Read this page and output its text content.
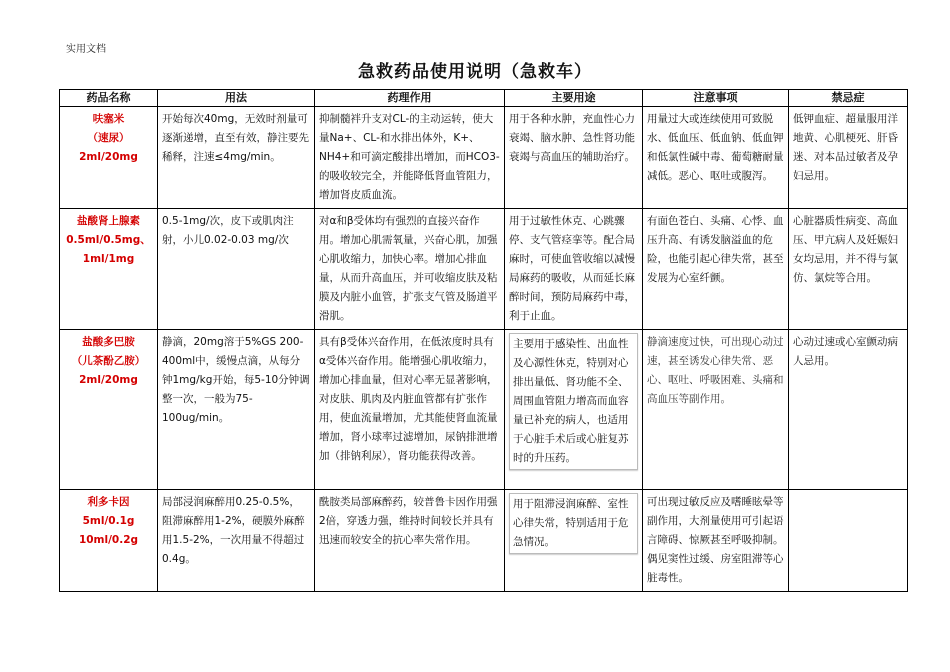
实用文档
急救药品使用说明（急救车）
药品名称	用法	药理作用	主要用途	注意事项	禁忌症

呋塞米
（速尿）
2ml/20mg	开始每次40mg，无效时剂量可逐渐递增，直至有效，静注要先稀释，注速≤4mg/min。	抑制髓袢升支对CL-的主动运转，使大量Na+、CL-和水排出体外，K+、NH4+和可滴定酸排出增加，而HCO3-的吸收较完全，并能降低肾血管阻力，增加肾皮质血流。	用于各种水肿，充血性心力衰竭、脑水肿、急性肾功能衰竭与高血压的辅助治疗。	用量过大或连续使用可致脱水、低血压、低血钠、低血钾和低氯性碱中毒、葡萄糖耐量减低。恶心、呕吐或腹泻。	低钾血症、超量服用洋地黄、心肌梗死、肝昏迷、对本品过敏者及孕妇忌用。

盐酸肾上腺素
0.5ml/0.5mg、
1ml/1mg	0.5-1mg/次，皮下或肌肉注射，小儿0.02-0.03 mg/次	对α和β受体均有强烈的直接兴奋作用。增加心肌需氧量，兴奋心肌，加强心肌收缩力，加快心率。增加心排血量，从而升高血压，并可收缩皮肤及粘膜及内脏小血管，扩张支气管及肠道平滑肌。	用于过敏性休克、心跳骤停、支气管痉挛等。配合局麻时，可使血管收缩以减慢局麻药的吸收，从而延长麻醉时间，预防局麻药中毒，利于止血。	有面色苍白、头痛、心悸、血压升高、有诱发脑溢血的危险，也能引起心律失常，甚至发展为心室纤颤。	心脏器质性病变、高血压、甲亢病人及妊娠妇女均忌用，并不得与氯仿、氯烷等合用。

盐酸多巴胺
（儿茶酚乙胺）
2ml/20mg	静滴，20mg溶于5%GS 200-400ml中，缓慢点滴，从每分钟1mg/kg开始，每5-10分钟调整一次，一般为75-100ug/min。	具有β受体兴奋作用，在低浓度时具有α受体兴奋作用。能增强心肌收缩力，增加心排血量，但对心率无显著影响，对皮肤、肌肉及内脏血管都有扩张作用，使血流量增加，尤其能使肾血流量增加，肾小球率过滤增加，尿钠排泄增加（排钠利尿），肾功能获得改善。	主要用于感染性、出血性及心源性休克，特别对心排出量低、肾功能不全、周围血管阻力增高而血容量已补充的病人，也适用于心脏手术后或心脏复苏时的升压药。	静滴速度过快，可出现心动过速，甚至诱发心律失常、恶心、呕吐、呼吸困难、头痛和高血压等副作用。	心动过速或心室颤动病人忌用。

利多卡因
5ml/0.1g
10ml/0.2g	局部浸润麻醉用0.25-0.5%，阻滞麻醉用1-2%，硬膜外麻醉用1.5-2%，一次用量不得超过0.4g。	酰胺类局部麻醉药，较普鲁卡因作用强2倍，穿透力强，维持时间较长并具有迅速而较安全的抗心率失常作用。	用于阻滞浸润麻醉、室性心律失常，特别适用于危急情况。	可出现过敏反应及嗜睡眩晕等副作用，大剂量使用可引起语言障碍、惊厥甚至呼吸抑制。偶见窦性过缓、房室阻滞等心脏毒性。	
